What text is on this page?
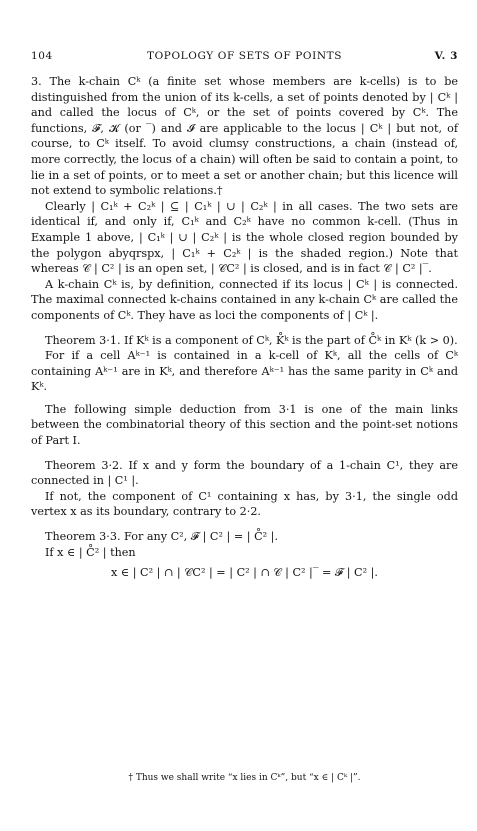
104	TOPOLOGY OF SETS OF POINTS	V. 3

3. The k-chain Cᵏ (a finite set whose members are k-cells) is to be distinguished from the union of its k-cells, a set of points denoted by | Cᵏ | and called the locus of Cᵏ, or the set of points covered by Cᵏ. The functions, 𝓕, 𝓚 (or ‾) and 𝓘 are applicable to the locus | Cᵏ | but not, of course, to Cᵏ itself. To avoid clumsy constructions, a chain (instead of, more correctly, the locus of a chain) will often be said to contain a point, to lie in a set of points, or to meet a set or another chain; but this licence will not extend to symbolic relations.†

Clearly | C₁ᵏ + C₂ᵏ | ⊆ | C₁ᵏ | ∪ | C₂ᵏ | in all cases. The two sets are identical if, and only if, C₁ᵏ and C₂ᵏ have no common k-cell. (Thus in Example 1 above, | C₁ᵏ | ∪ | C₂ᵏ | is the whole closed region bounded by the polygon abyqrspx, | C₁ᵏ + C₂ᵏ | is the shaded region.) Note that whereas 𝒞 | C² | is an open set, | 𝒞C² | is closed, and is in fact 𝒞 | C² |‾.

A k-chain Cᵏ is, by definition, connected if its locus | Cᵏ | is connected. The maximal connected k-chains contained in any k-chain Cᵏ are called the components of Cᵏ. They have as loci the components of | Cᵏ |.

Theorem 3·1. If Kᵏ is a component of Cᵏ, K̊ᵏ is the part of C̊ᵏ in Kᵏ (k > 0).

For if a cell Aᵏ⁻¹ is contained in a k-cell of Kᵏ, all the cells of Cᵏ containing Aᵏ⁻¹ are in Kᵏ, and therefore Aᵏ⁻¹ has the same parity in Cᵏ and Kᵏ.

The following simple deduction from 3·1 is one of the main links between the combinatorial theory of this section and the point-set notions of Part I.

Theorem 3·2. If x and y form the boundary of a 1-chain C¹, they are connected in | C¹ |.

If not, the component of C¹ containing x has, by 3·1, the single odd vertex x as its boundary, contrary to 2·2.

Theorem 3·3. For any C², 𝓕 | C² | = | C̊² |.

If x ∈ | C̊² | then

x ∈ | C² | ∩ | 𝒞C² | = | C² | ∩ 𝒞 | C² |‾ = 𝓕 | C² |.

† Thus we shall write “x lies in Cᵏ”, but “x ∈ | Cᵏ |”.
